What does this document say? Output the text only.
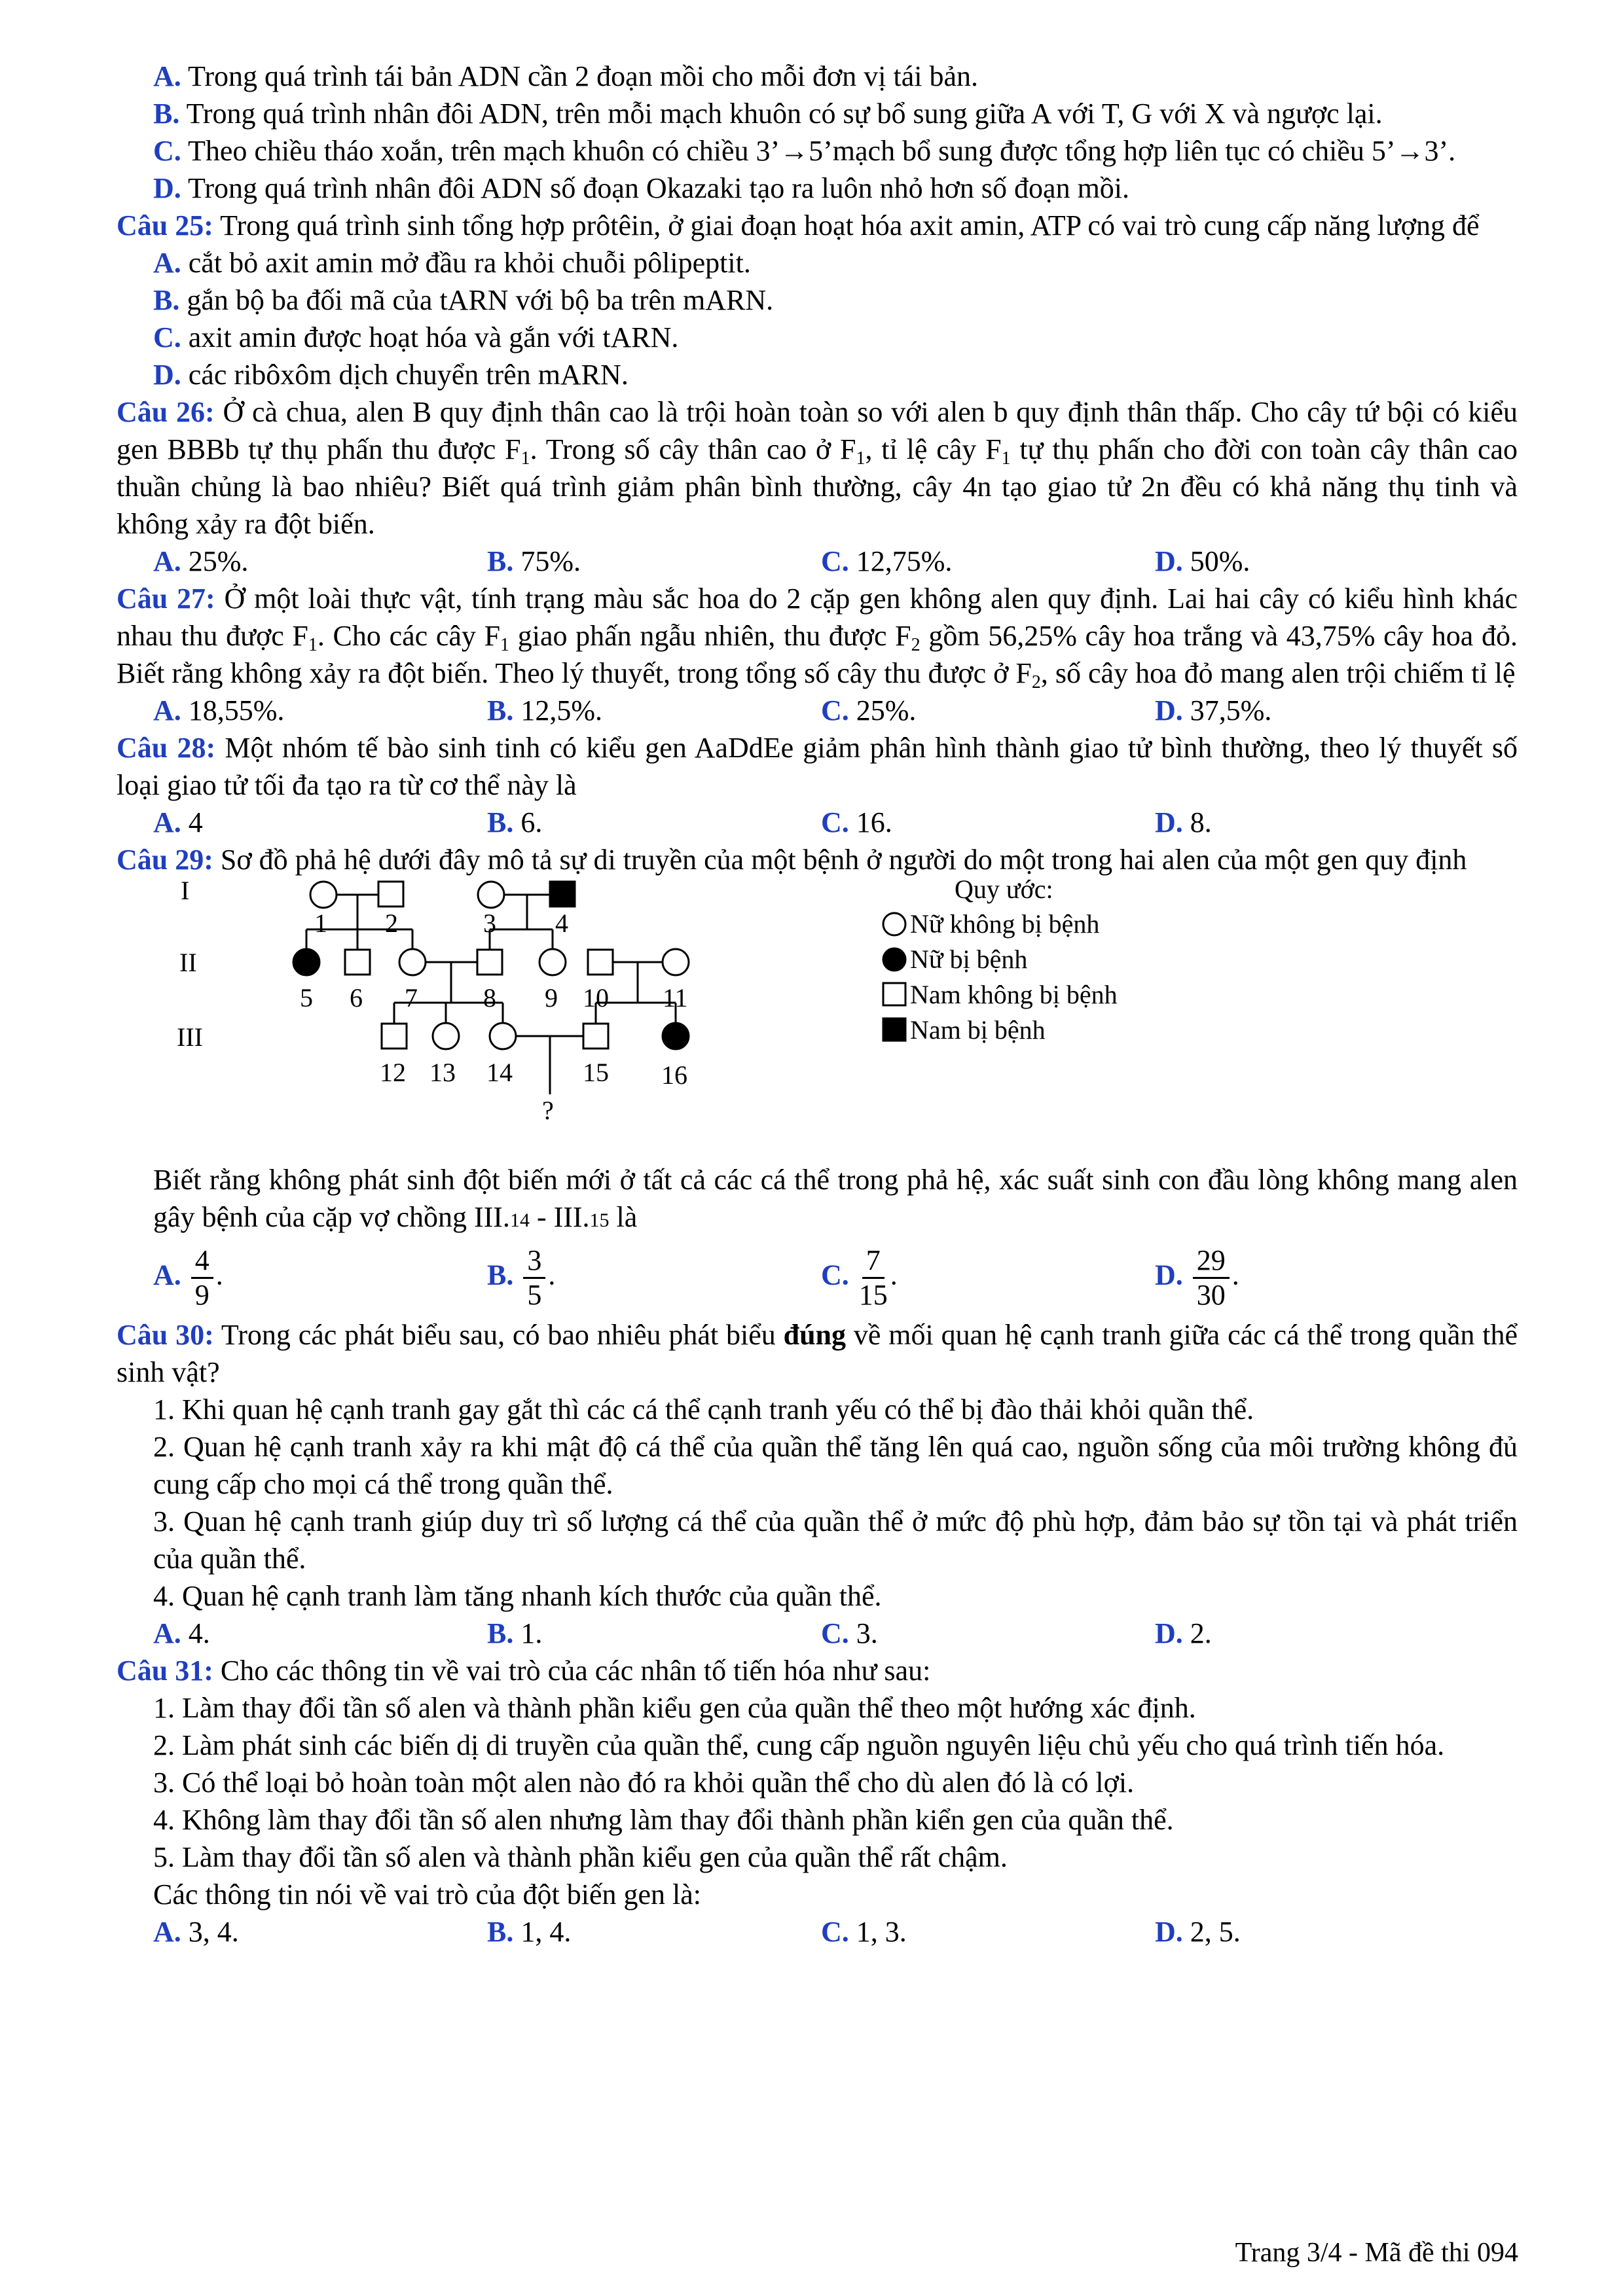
A. Trong quá trình tái bản ADN cần 2 đoạn mồi cho mỗi đơn vị tái bản.

B. Trong quá trình nhân đôi ADN, trên mỗi mạch khuôn có sự bổ sung giữa A với T, G với X và ngược lại.

C. Theo chiều tháo xoắn, trên mạch khuôn có chiều 3’→5’mạch bổ sung được tổng hợp liên tục có chiều 5’→3’.

D. Trong quá trình nhân đôi ADN số đoạn Okazaki tạo ra luôn nhỏ hơn số đoạn mồi.

Câu 25: Trong quá trình sinh tổng hợp prôtêin, ở giai đoạn hoạt hóa axit amin, ATP có vai trò cung cấp năng lượng để

A. cắt bỏ axit amin mở đầu ra khỏi chuỗi pôlipeptit.

B. gắn bộ ba đối mã của tARN với bộ ba trên mARN.

C. axit amin được hoạt hóa và gắn với tARN.

D. các ribôxôm dịch chuyển trên mARN.

Câu 26: Ở cà chua, alen B quy định thân cao là trội hoàn toàn so với alen b quy định thân thấp. Cho cây tứ bội có kiểu gen BBBb tự thụ phấn thu được $F_1$. Trong số cây thân cao ở $F_1$, tỉ lệ cây $F_1$ tự thụ phấn cho đời con toàn cây thân cao thuần chủng là bao nhiêu? Biết quá trình giảm phân bình thường, cây 4n tạo giao tử 2n đều có khả năng thụ tinh và không xảy ra đột biến.

A. 25%.	B. 75%.	C. 12,75%.	D. 50%.

Câu 27: Ở một loài thực vật, tính trạng màu sắc hoa do 2 cặp gen không alen quy định. Lai hai cây có kiểu hình khác nhau thu được $F_1$. Cho các cây $F_1$ giao phấn ngẫu nhiên, thu được $F_2$ gồm 56,25% cây hoa trắng và 43,75% cây hoa đỏ. Biết rằng không xảy ra đột biến. Theo lý thuyết, trong tổng số cây thu được ở $F_2$, số cây hoa đỏ mang alen trội chiếm tỉ lệ

A. 18,55%.	B. 12,5%.	C. 25%.	D. 37,5%.

Câu 28: Một nhóm tế bào sinh tinh có kiểu gen AaDdEe giảm phân hình thành giao tử bình thường, theo lý thuyết số loại giao tử tối đa tạo ra từ cơ thể này là

A. 4	B. 6.	C. 16.	D. 8.

Câu 29: Sơ đồ phả hệ dưới đây mô tả sự di truyền của một bệnh ở người do một trong hai alen của một gen quy định

I
II
III
1 2	3 4
5 6 7	8 9 10 11
12 13 14	15 16
?
Quy ước:
Nữ không bị bệnh
Nữ bị bệnh
Nam không bị bệnh
Nam bị bệnh

Biết rằng không phát sinh đột biến mới ở tất cả các cá thể trong phả hệ, xác suất sinh con đầu lòng không mang alen gây bệnh của cặp vợ chồng III.14 - III.15 là

A. $\frac{4}{9}$ .	B. $\frac{3}{5}$ .	C. $\frac{7}{15}$ .	D. $\frac{29}{30}$ .

Câu 30: Trong các phát biểu sau, có bao nhiêu phát biểu đúng về mối quan hệ cạnh tranh giữa các cá thể trong quần thể sinh vật?

1. Khi quan hệ cạnh tranh gay gắt thì các cá thể cạnh tranh yếu có thể bị đào thải khỏi quần thể.

2. Quan hệ cạnh tranh xảy ra khi mật độ cá thể của quần thể tăng lên quá cao, nguồn sống của môi trường không đủ cung cấp cho mọi cá thể trong quần thể.

3. Quan hệ cạnh tranh giúp duy trì số lượng cá thể của quần thể ở mức độ phù hợp, đảm bảo sự tồn tại và phát triển của quần thể.

4. Quan hệ cạnh tranh làm tăng nhanh kích thước của quần thể.

A. 4.	B. 1.	C. 3.	D. 2.

Câu 31: Cho các thông tin về vai trò của các nhân tố tiến hóa như sau:

1. Làm thay đổi tần số alen và thành phần kiểu gen của quần thể theo một hướng xác định.

2. Làm phát sinh các biến dị di truyền của quần thể, cung cấp nguồn nguyên liệu chủ yếu cho quá trình tiến hóa.

3. Có thể loại bỏ hoàn toàn một alen nào đó ra khỏi quần thể cho dù alen đó là có lợi.

4. Không làm thay đổi tần số alen nhưng làm thay đổi thành phần kiển gen của quần thể.

5. Làm thay đổi tần số alen và thành phần kiểu gen của quần thể rất chậm.

Các thông tin nói về vai trò của đột biến gen là:

A. 3, 4.	B. 1, 4.	C. 1, 3.	D. 2, 5.
Trang 3/4 - Mã đề thi 094
